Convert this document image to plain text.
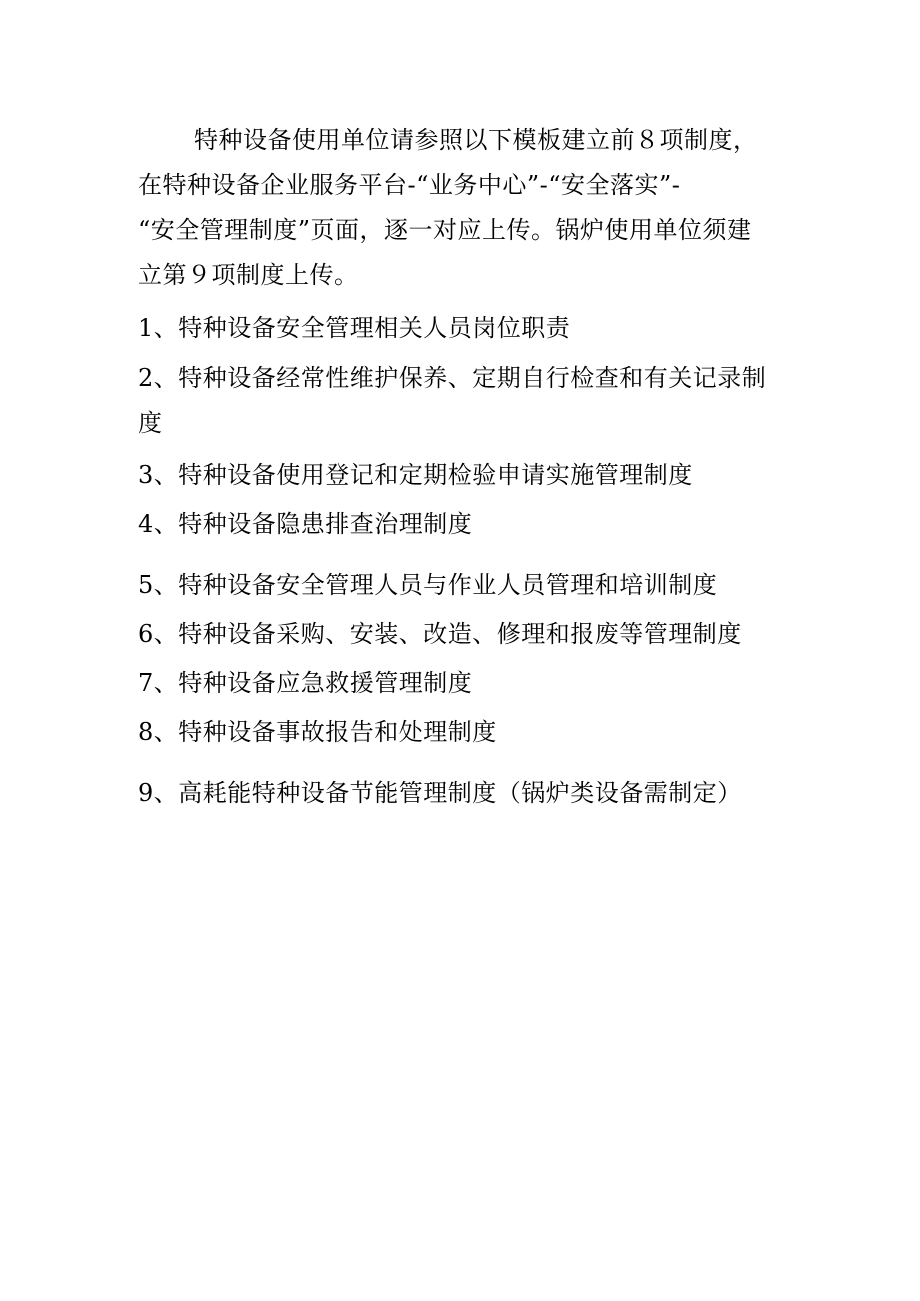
特种设备使用单位请参照以下模板建立前８项制度，

在特种设备企业服务平台-“业务中心”-“安全落实”-

“安全管理制度”页面，逐一对应上传。锅炉使用单位须建

立第９项制度上传。

1、特种设备安全管理相关人员岗位职责
2、特种设备经常性维护保养、定期自行检查和有关记录制
度
3、特种设备使用登记和定期检验申请实施管理制度
4、特种设备隐患排查治理制度
5、特种设备安全管理人员与作业人员管理和培训制度
6、特种设备采购、安装、改造、修理和报废等管理制度
7、特种设备应急救援管理制度
8、特种设备事故报告和处理制度
9、高耗能特种设备节能管理制度（锅炉类设备需制定）
